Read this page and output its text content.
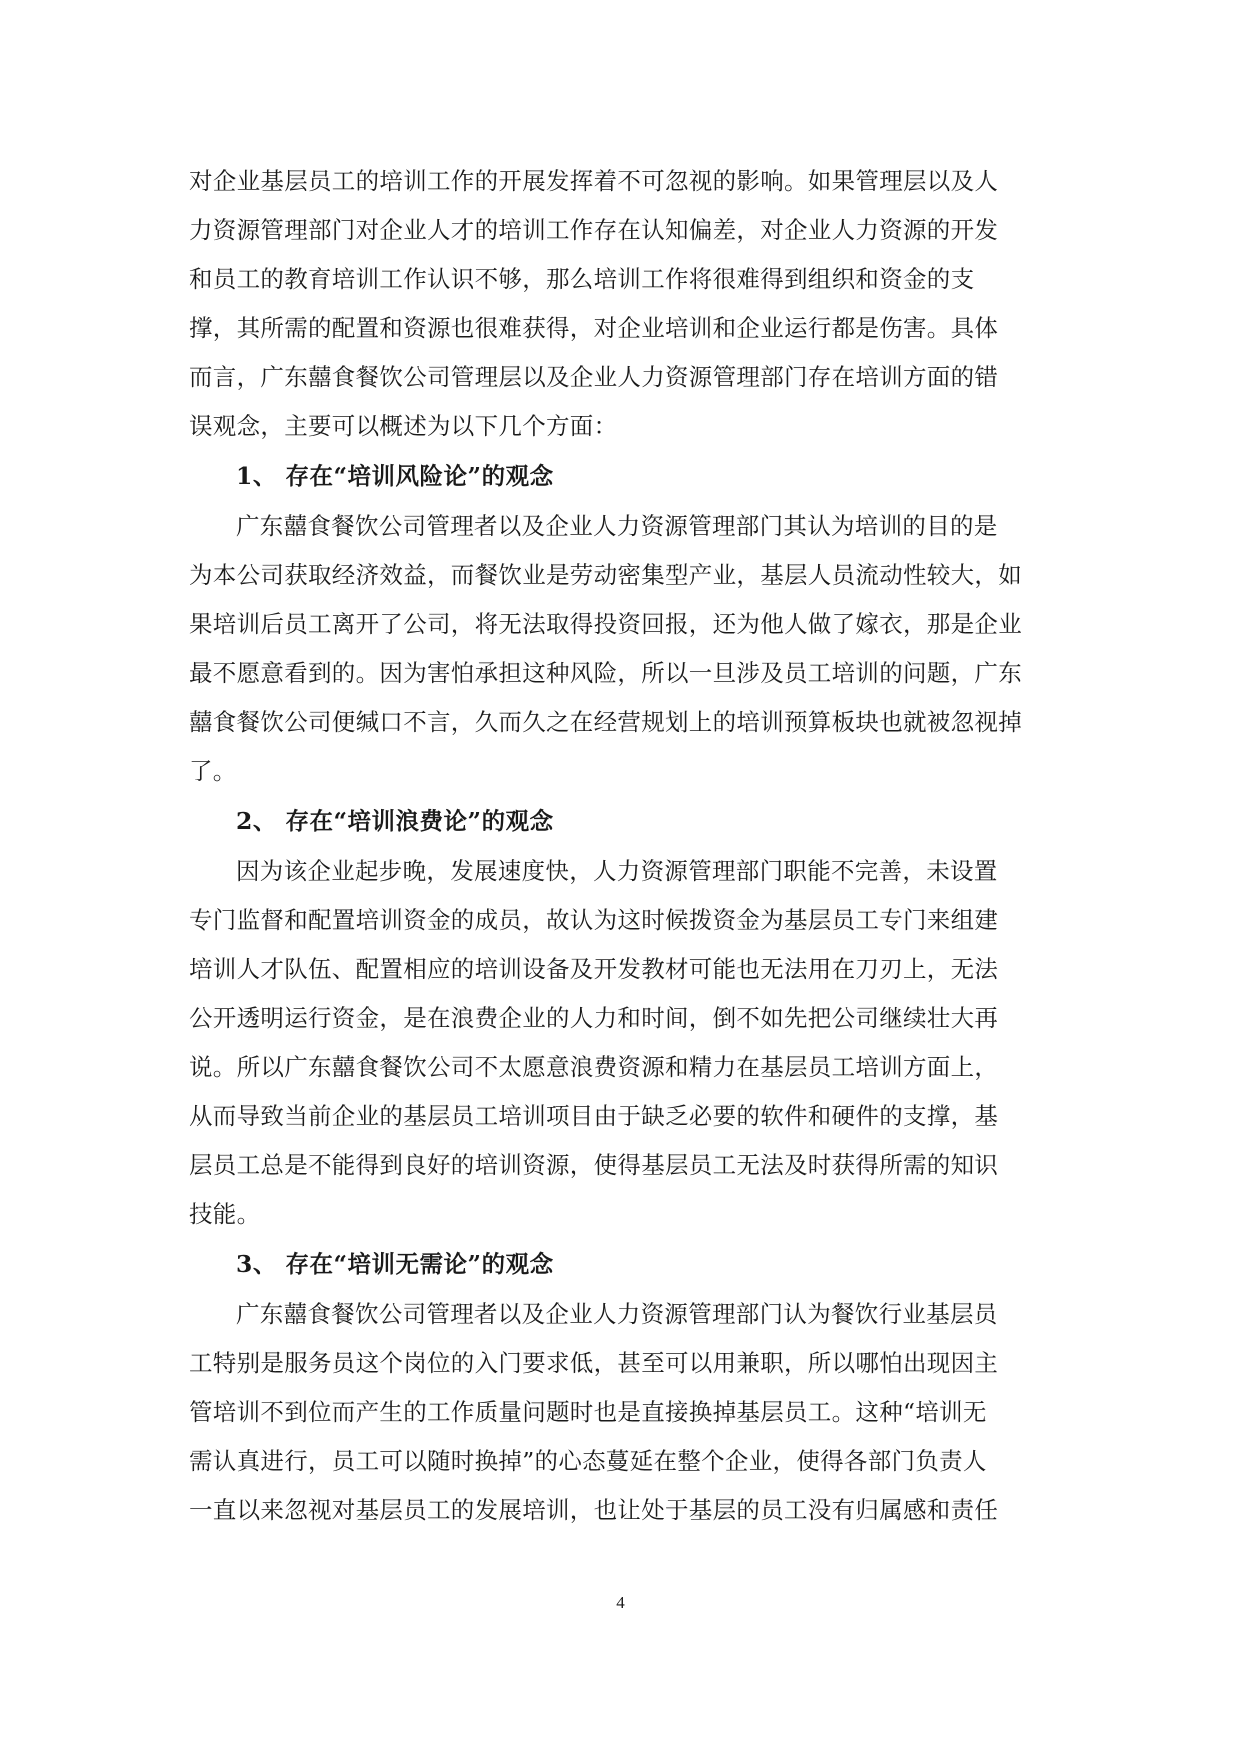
对企业基层员工的培训工作的开展发挥着不可忽视的影响。如果管理层以及人
力资源管理部门对企业人才的培训工作存在认知偏差，对企业人力资源的开发
和员工的教育培训工作认识不够，那么培训工作将很难得到组织和资金的支
撑，其所需的配置和资源也很难获得，对企业培训和企业运行都是伤害。具体
而言，广东囍食餐饮公司管理层以及企业人力资源管理部门存在培训方面的错
误观念，主要可以概述为以下几个方面：
1、 存在“培训风险论”的观念
广东囍食餐饮公司管理者以及企业人力资源管理部门其认为培训的目的是
为本公司获取经济效益，而餐饮业是劳动密集型产业，基层人员流动性较大，如
果培训后员工离开了公司，将无法取得投资回报，还为他人做了嫁衣，那是企业
最不愿意看到的。因为害怕承担这种风险，所以一旦涉及员工培训的问题，广东
囍食餐饮公司便缄口不言，久而久之在经营规划上的培训预算板块也就被忽视掉
了。
2、 存在“培训浪费论”的观念
因为该企业起步晚，发展速度快，人力资源管理部门职能不完善，未设置
专门监督和配置培训资金的成员，故认为这时候拨资金为基层员工专门来组建
培训人才队伍、配置相应的培训设备及开发教材可能也无法用在刀刃上，无法
公开透明运行资金，是在浪费企业的人力和时间，倒不如先把公司继续壮大再
说。所以广东囍食餐饮公司不太愿意浪费资源和精力在基层员工培训方面上，
从而导致当前企业的基层员工培训项目由于缺乏必要的软件和硬件的支撑，基
层员工总是不能得到良好的培训资源，使得基层员工无法及时获得所需的知识
技能。
3、 存在“培训无需论”的观念
广东囍食餐饮公司管理者以及企业人力资源管理部门认为餐饮行业基层员
工特别是服务员这个岗位的入门要求低，甚至可以用兼职，所以哪怕出现因主
管培训不到位而产生的工作质量问题时也是直接换掉基层员工。这种“培训无
需认真进行，员工可以随时换掉”的心态蔓延在整个企业，使得各部门负责人
一直以来忽视对基层员工的发展培训，也让处于基层的员工没有归属感和责任
4
